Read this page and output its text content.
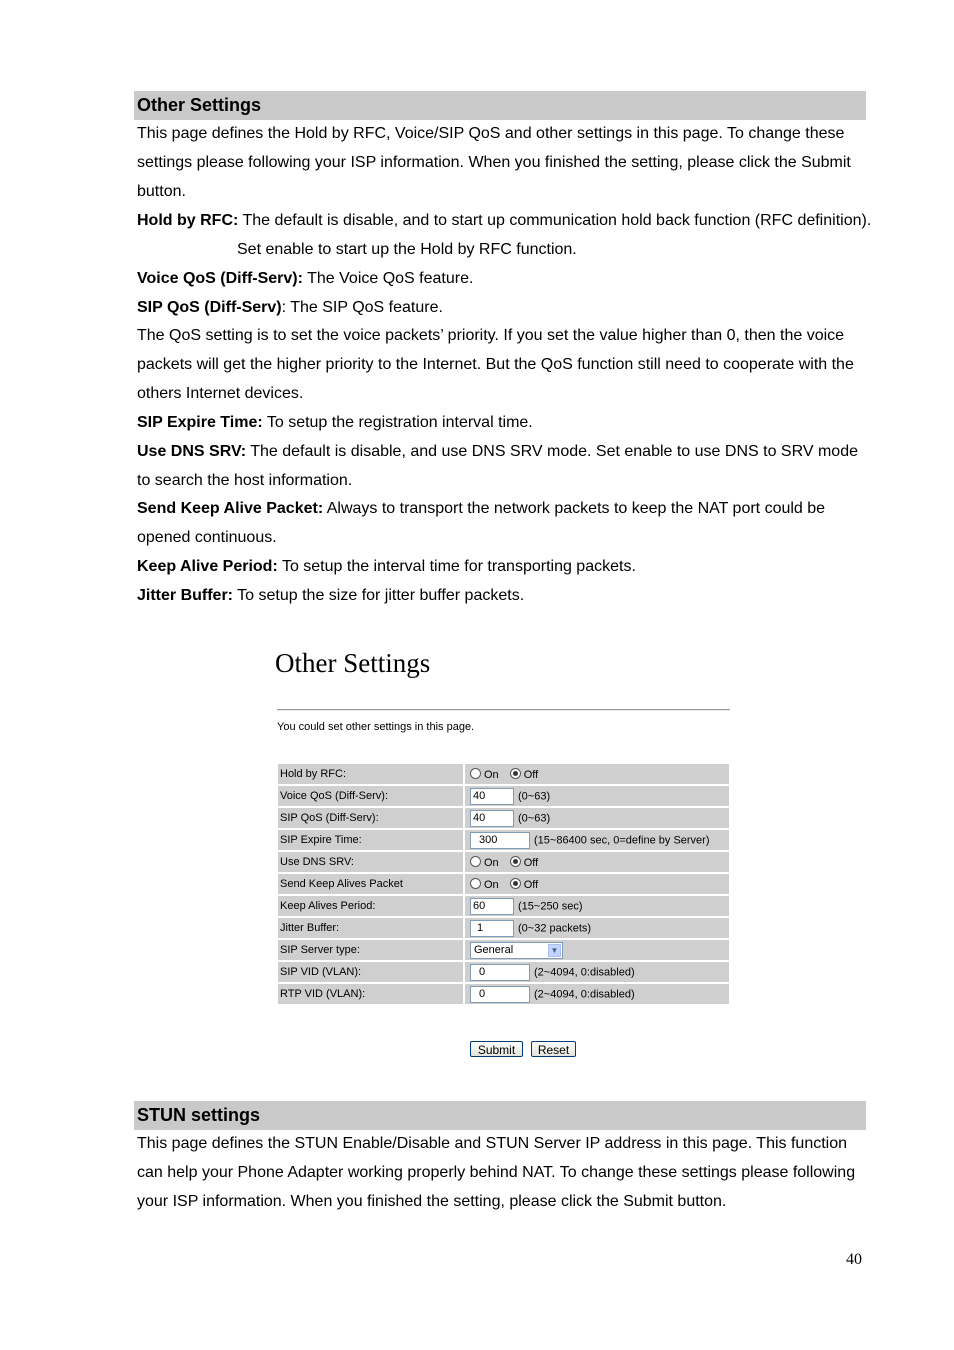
Other Settings

This page defines the Hold by RFC, Voice/SIP QoS and other settings in this page. To change these settings please following your ISP information. When you finished the setting, please click the Submit button.

Hold by RFC: The default is disable, and to start up communication hold back function (RFC definition).
Set enable to start up the Hold by RFC function.

Voice QoS (Diff-Serv): The Voice QoS feature.

SIP QoS (Diff-Serv): The SIP QoS feature.

The QoS setting is to set the voice packets’ priority. If you set the value higher than 0, then the voice packets will get the higher priority to the Internet. But the QoS function still need to cooperate with the others Internet devices.

SIP Expire Time: To setup the registration interval time.

Use DNS SRV: The default is disable, and use DNS SRV mode. Set enable to use DNS to SRV mode to search the host information.

Send Keep Alive Packet: Always to transport the network packets to keep the NAT port could be opened continuous.

Keep Alive Period: To setup the interval time for transporting packets.

Jitter Buffer: To setup the size for jitter buffer packets.

Other Settings
You could set other settings in this page.
Hold by RFC:	On Off
Voice QoS (Diff-Serv):	40 (0~63)
SIP QoS (Diff-Serv):	40 (0~63)
SIP Expire Time:	300 (15~86400 sec, 0=define by Server)
Use DNS SRV:	On Off
Send Keep Alives Packet	On Off
Keep Alives Period:	60 (15~250 sec)
Jitter Buffer:	1 (0~32 packets)
SIP Server type:	General ▼

SIP VID (VLAN):	0 (2~4094, 0:disabled)
RTP VID (VLAN):	0 (2~4094, 0:disabled)
Submit	Reset
STUN settings

This page defines the STUN Enable/Disable and STUN Server IP address in this page. This function can help your Phone Adapter working properly behind NAT. To change these settings please following your ISP information. When you finished the setting, please click the Submit button.

40
